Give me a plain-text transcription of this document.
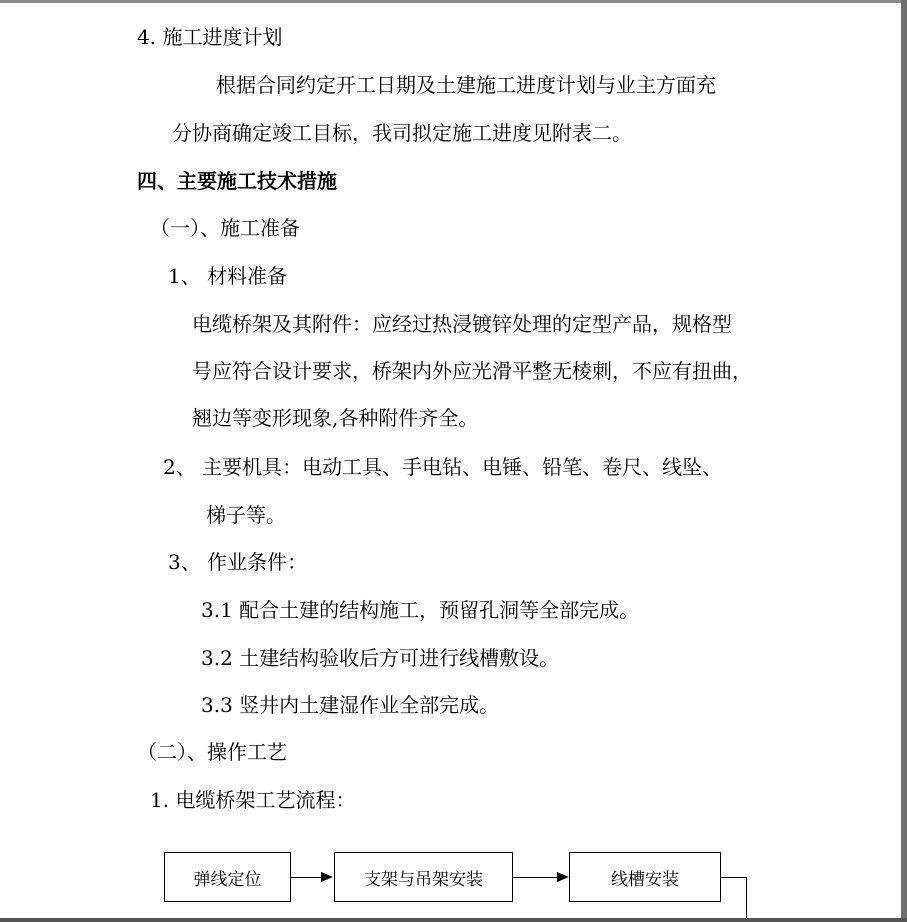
4. 施工进度计划
根据合同约定开工日期及土建施工进度计划与业主方面充
分协商确定竣工目标，我司拟定施工进度见附表二。
四、主要施工技术措施
（一）、施工准备
1、 材料准备
电缆桥架及其附件：应经过热浸镀锌处理的定型产品，规格型
号应符合设计要求，桥架内外应光滑平整无棱刺，不应有扭曲，
翘边等变形现象,各种附件齐全。
2、 主要机具：电动工具、手电钻、电锤、铅笔、卷尺、线坠、
梯子等。
3、 作业条件：
3.1 配合土建的结构施工，预留孔洞等全部完成。
3.2 土建结构验收后方可进行线槽敷设。
3.3 竖井内土建湿作业全部完成。
（二）、操作工艺
1. 电缆桥架工艺流程：
弹线定位	支架与吊架安装	线槽安装
